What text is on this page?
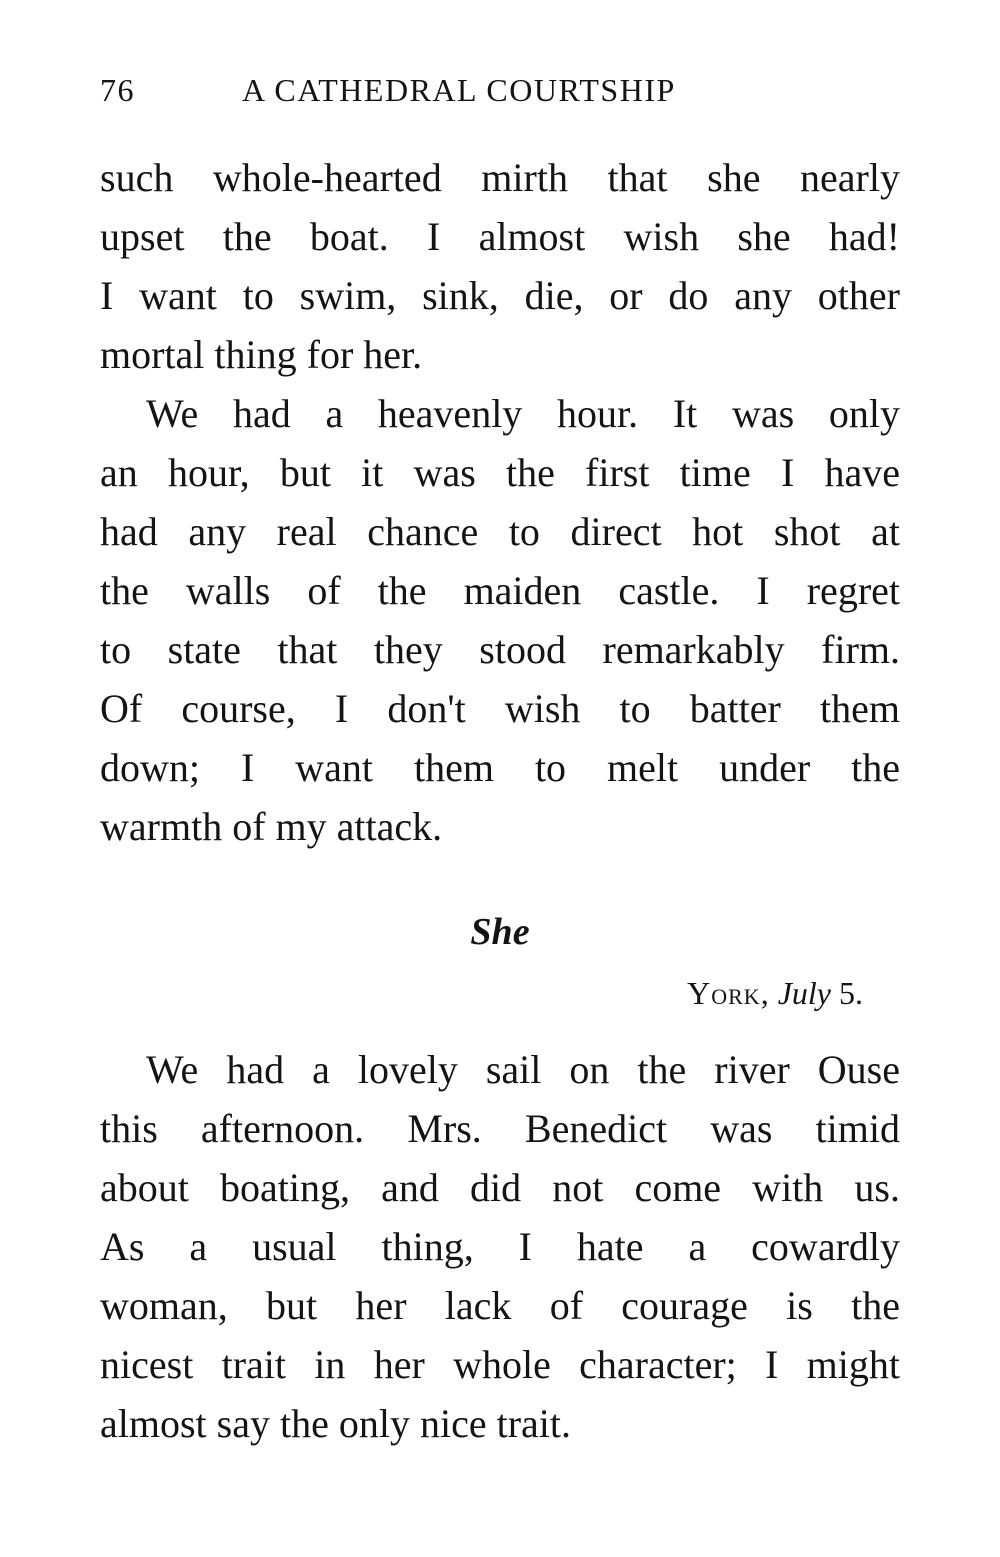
76	A CATHEDRAL COURTSHIP

such whole-hearted mirth that she nearly
upset the boat. I almost wish she had!
I want to swim, sink, die, or do any other
mortal thing for her.

We had a heavenly hour. It was only
an hour, but it was the first time I have
had any real chance to direct hot shot at
the walls of the maiden castle. I regret
to state that they stood remarkably firm.
Of course, I don't wish to batter them
down; I want them to melt under the
warmth of my attack.

She
York, July 5.

We had a lovely sail on the river Ouse
this afternoon. Mrs. Benedict was timid
about boating, and did not come with us.
As a usual thing, I hate a cowardly
woman, but her lack of courage is the
nicest trait in her whole character; I might
almost say the only nice trait.
